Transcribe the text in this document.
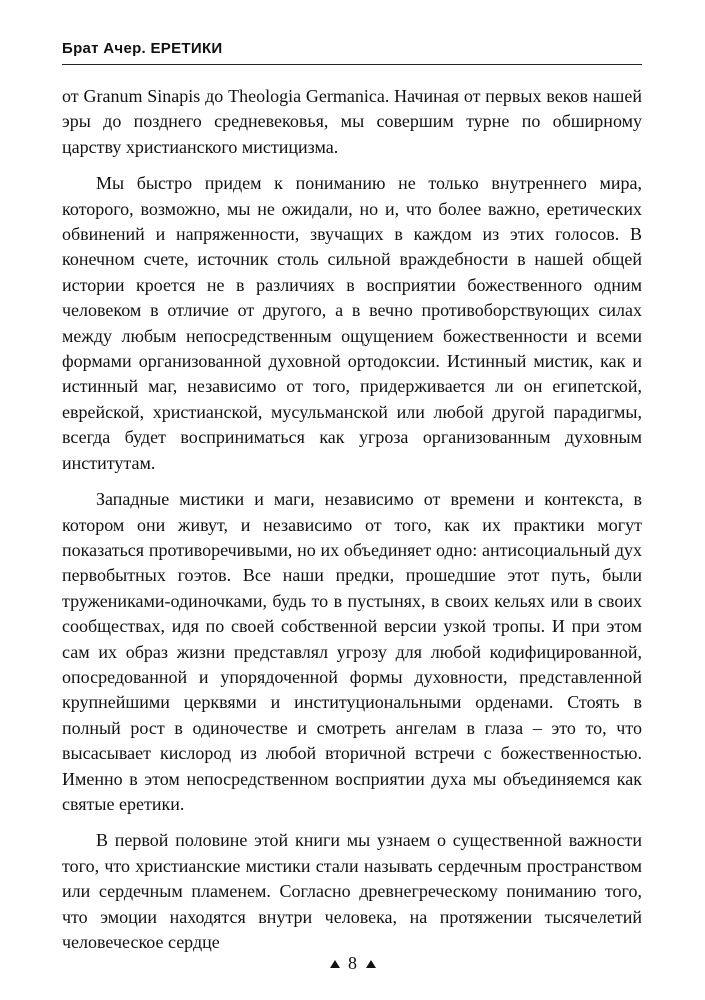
Брат Ачер. ЕРЕТИКИ

от Granum Sinapis до Theologia Germanica. Начиная от первых веков нашей эры до позднего средневековья, мы совершим турне по обширному царству христианского мистицизма.

Мы быстро придем к пониманию не только внутреннего мира, которого, возможно, мы не ожидали, но и, что более важно, еретических обвинений и напряженности, звучащих в каждом из этих голосов. В конечном счете, источник столь сильной враждебности в нашей общей истории кроется не в различиях в восприятии божественного одним человеком в отличие от другого, а в вечно противоборствующих силах между любым непосредственным ощущением божественности и всеми формами организованной духовной ортодоксии. Истинный мистик, как и истинный маг, независимо от того, придерживается ли он египетской, еврейской, христианской, мусульманской или любой другой парадигмы, всегда будет восприниматься как угроза организованным духовным институтам.

Западные мистики и маги, независимо от времени и контекста, в котором они живут, и независимо от того, как их практики могут показаться противоречивыми, но их объединяет одно: антисоциальный дух первобытных гоэтов. Все наши предки, прошедшие этот путь, были тружениками-одиночками, будь то в пустынях, в своих кельях или в своих сообществах, идя по своей собственной версии узкой тропы. И при этом сам их образ жизни представлял угрозу для любой кодифицированной, опосредованной и упорядоченной формы духовности, представленной крупнейшими церквями и институциональными орденами. Стоять в полный рост в одиночестве и смотреть ангелам в глаза – это то, что высасывает кислород из любой вторичной встречи с божественностью. Именно в этом непосредственном восприятии духа мы объединяемся как святые еретики.

В первой половине этой книги мы узнаем о существенной важности того, что христианские мистики стали называть сердечным пространством или сердечным пламенем. Согласно древнегреческому пониманию того, что эмоции находятся внутри человека, на протяжении тысячелетий человеческое сердце

8
